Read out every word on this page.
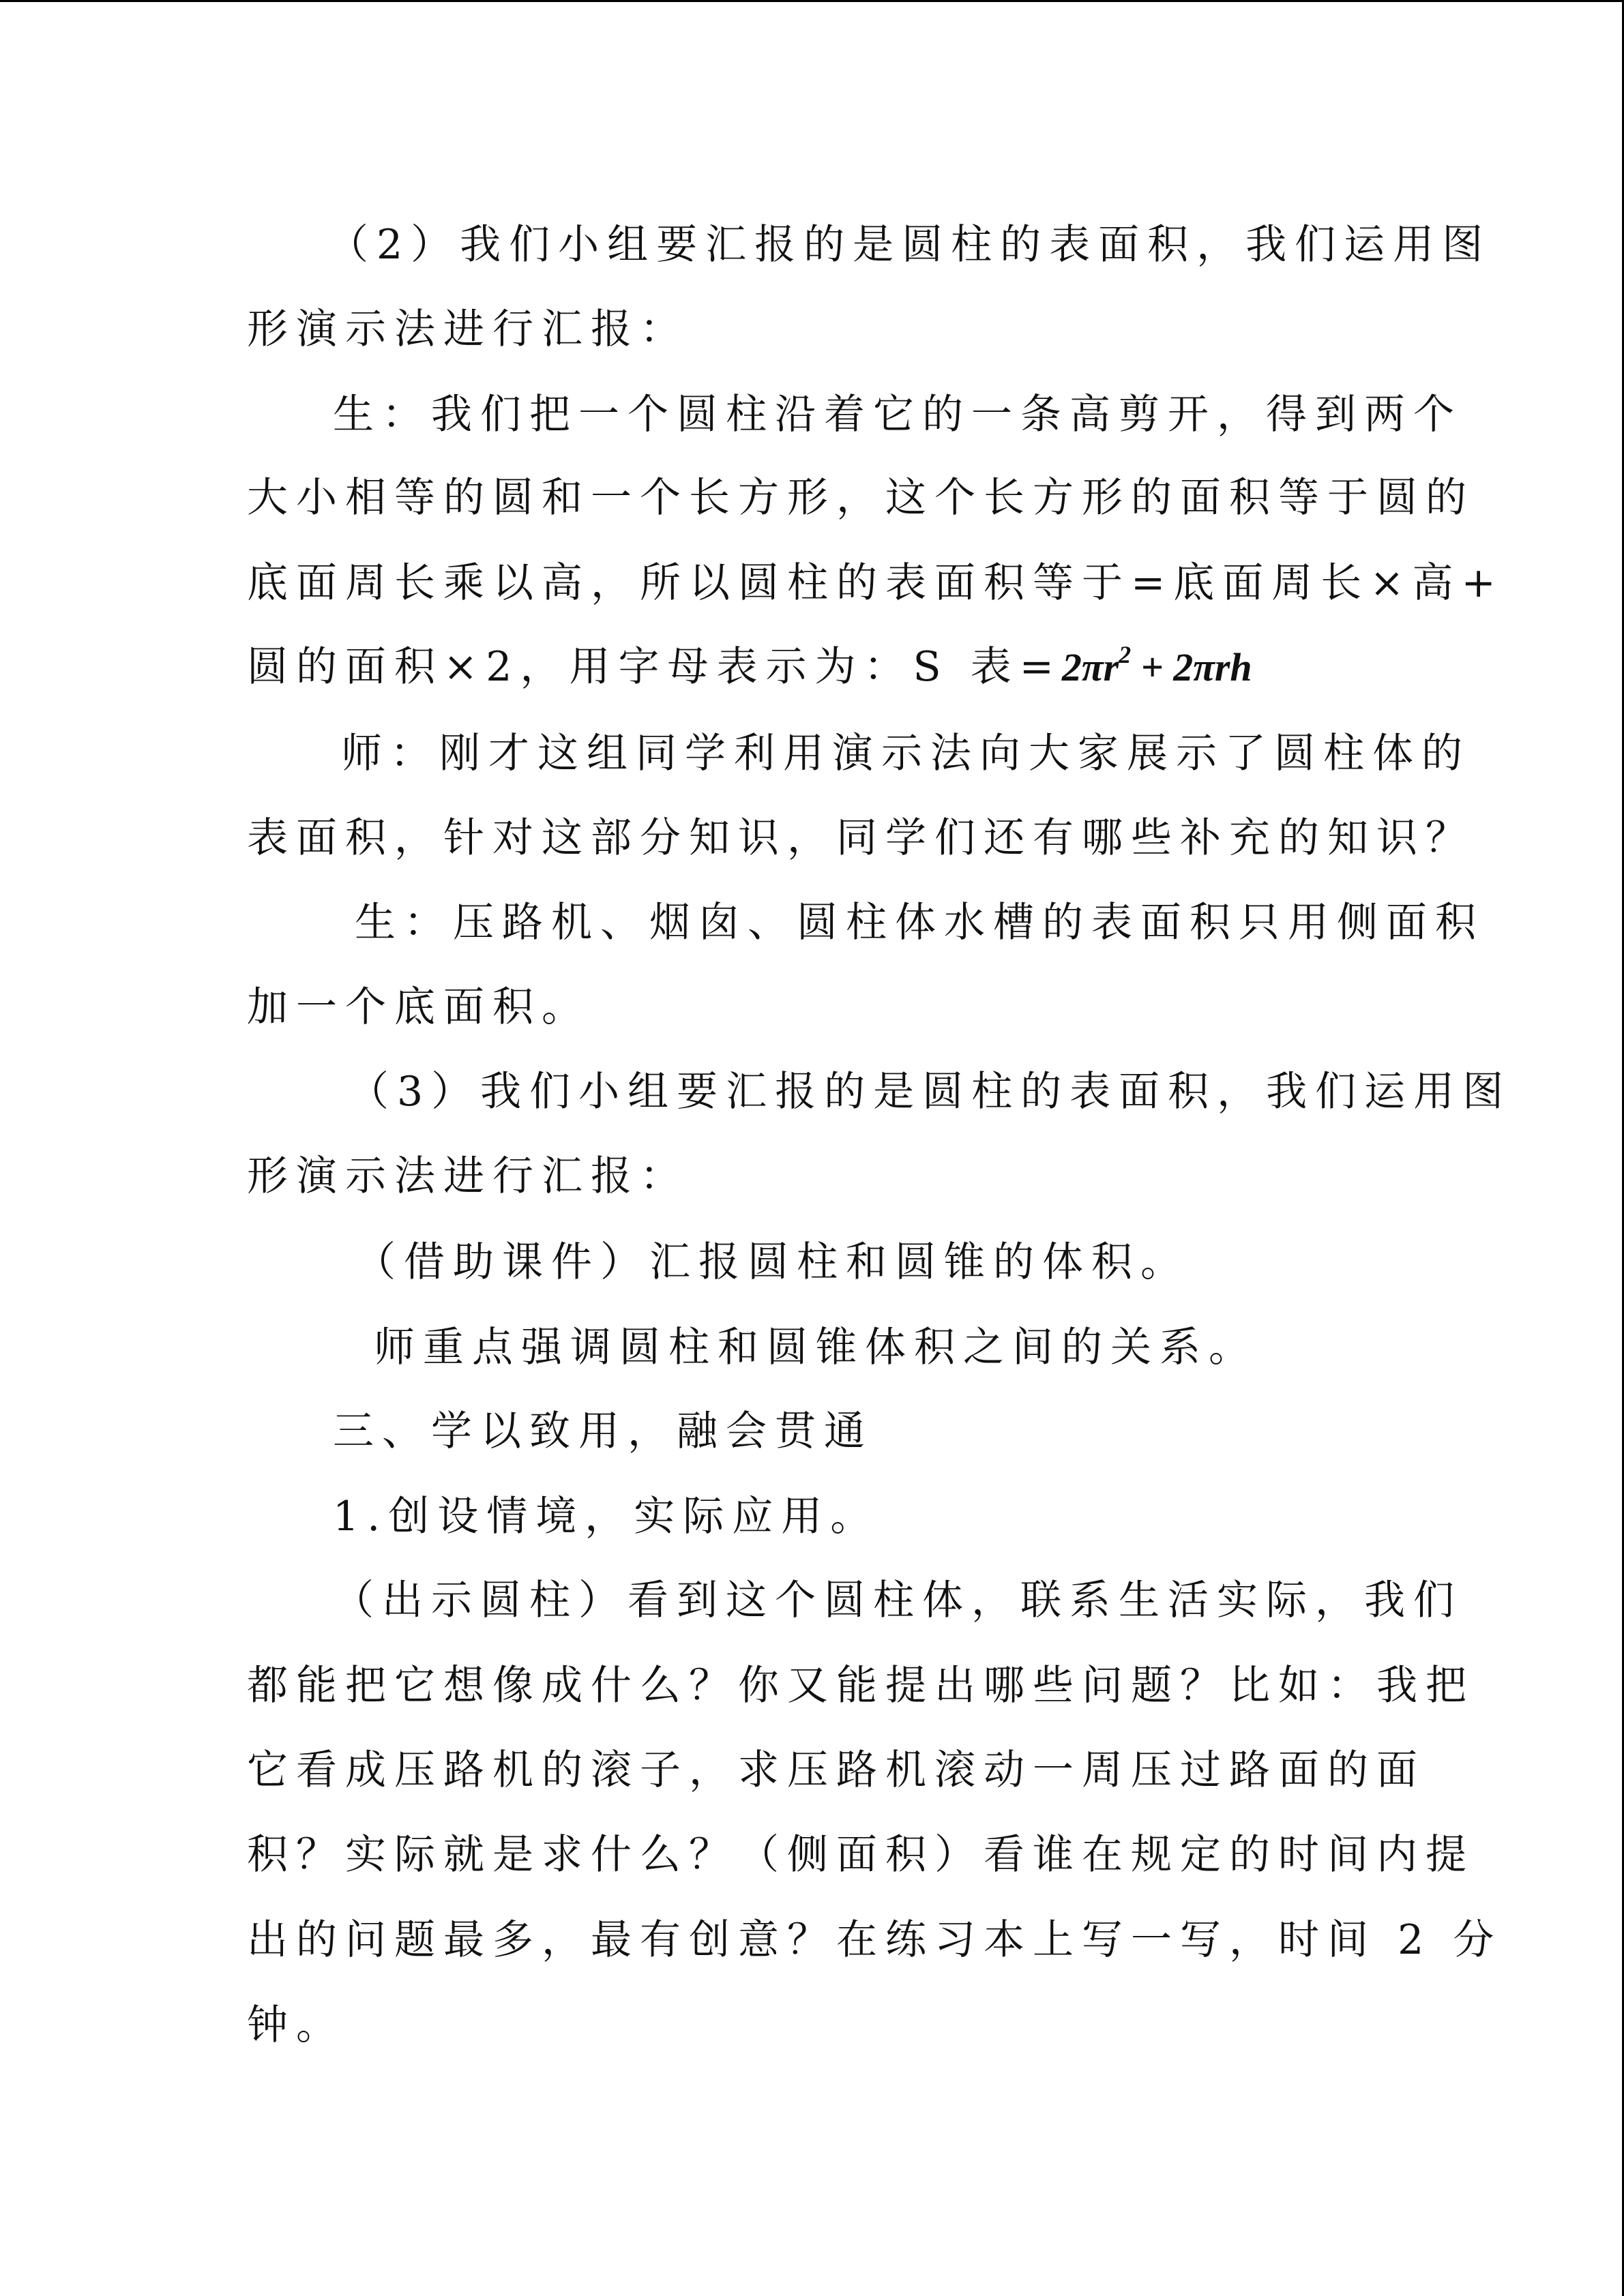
（2）我们小组要汇报的是圆柱的表面积，我们运用图

形演示法进行汇报：

生：我们把一个圆柱沿着它的一条高剪开，得到两个

大小相等的圆和一个长方形，这个长方形的面积等于圆的

底面周长乘以高，所以圆柱的表面积等于=底面周长×高+

圆的面积×2，用字母表示为：S 表$=2\pi r^2 + 2\pi rh$

师：刚才这组同学利用演示法向大家展示了圆柱体的

表面积，针对这部分知识，同学们还有哪些补充的知识？

生：压路机、烟囱、圆柱体水槽的表面积只用侧面积

加一个底面积。

（3）我们小组要汇报的是圆柱的表面积，我们运用图

形演示法进行汇报：

（借助课件）汇报圆柱和圆锥的体积。

师重点强调圆柱和圆锥体积之间的关系。

三、学以致用，融会贯通

1.创设情境，实际应用。

（出示圆柱）看到这个圆柱体，联系生活实际，我们

都能把它想像成什么？你又能提出哪些问题？比如：我把

它看成压路机的滚子，求压路机滚动一周压过路面的面

积？实际就是求什么？（侧面积）看谁在规定的时间内提

出的问题最多，最有创意？在练习本上写一写，时间 2 分

钟。
